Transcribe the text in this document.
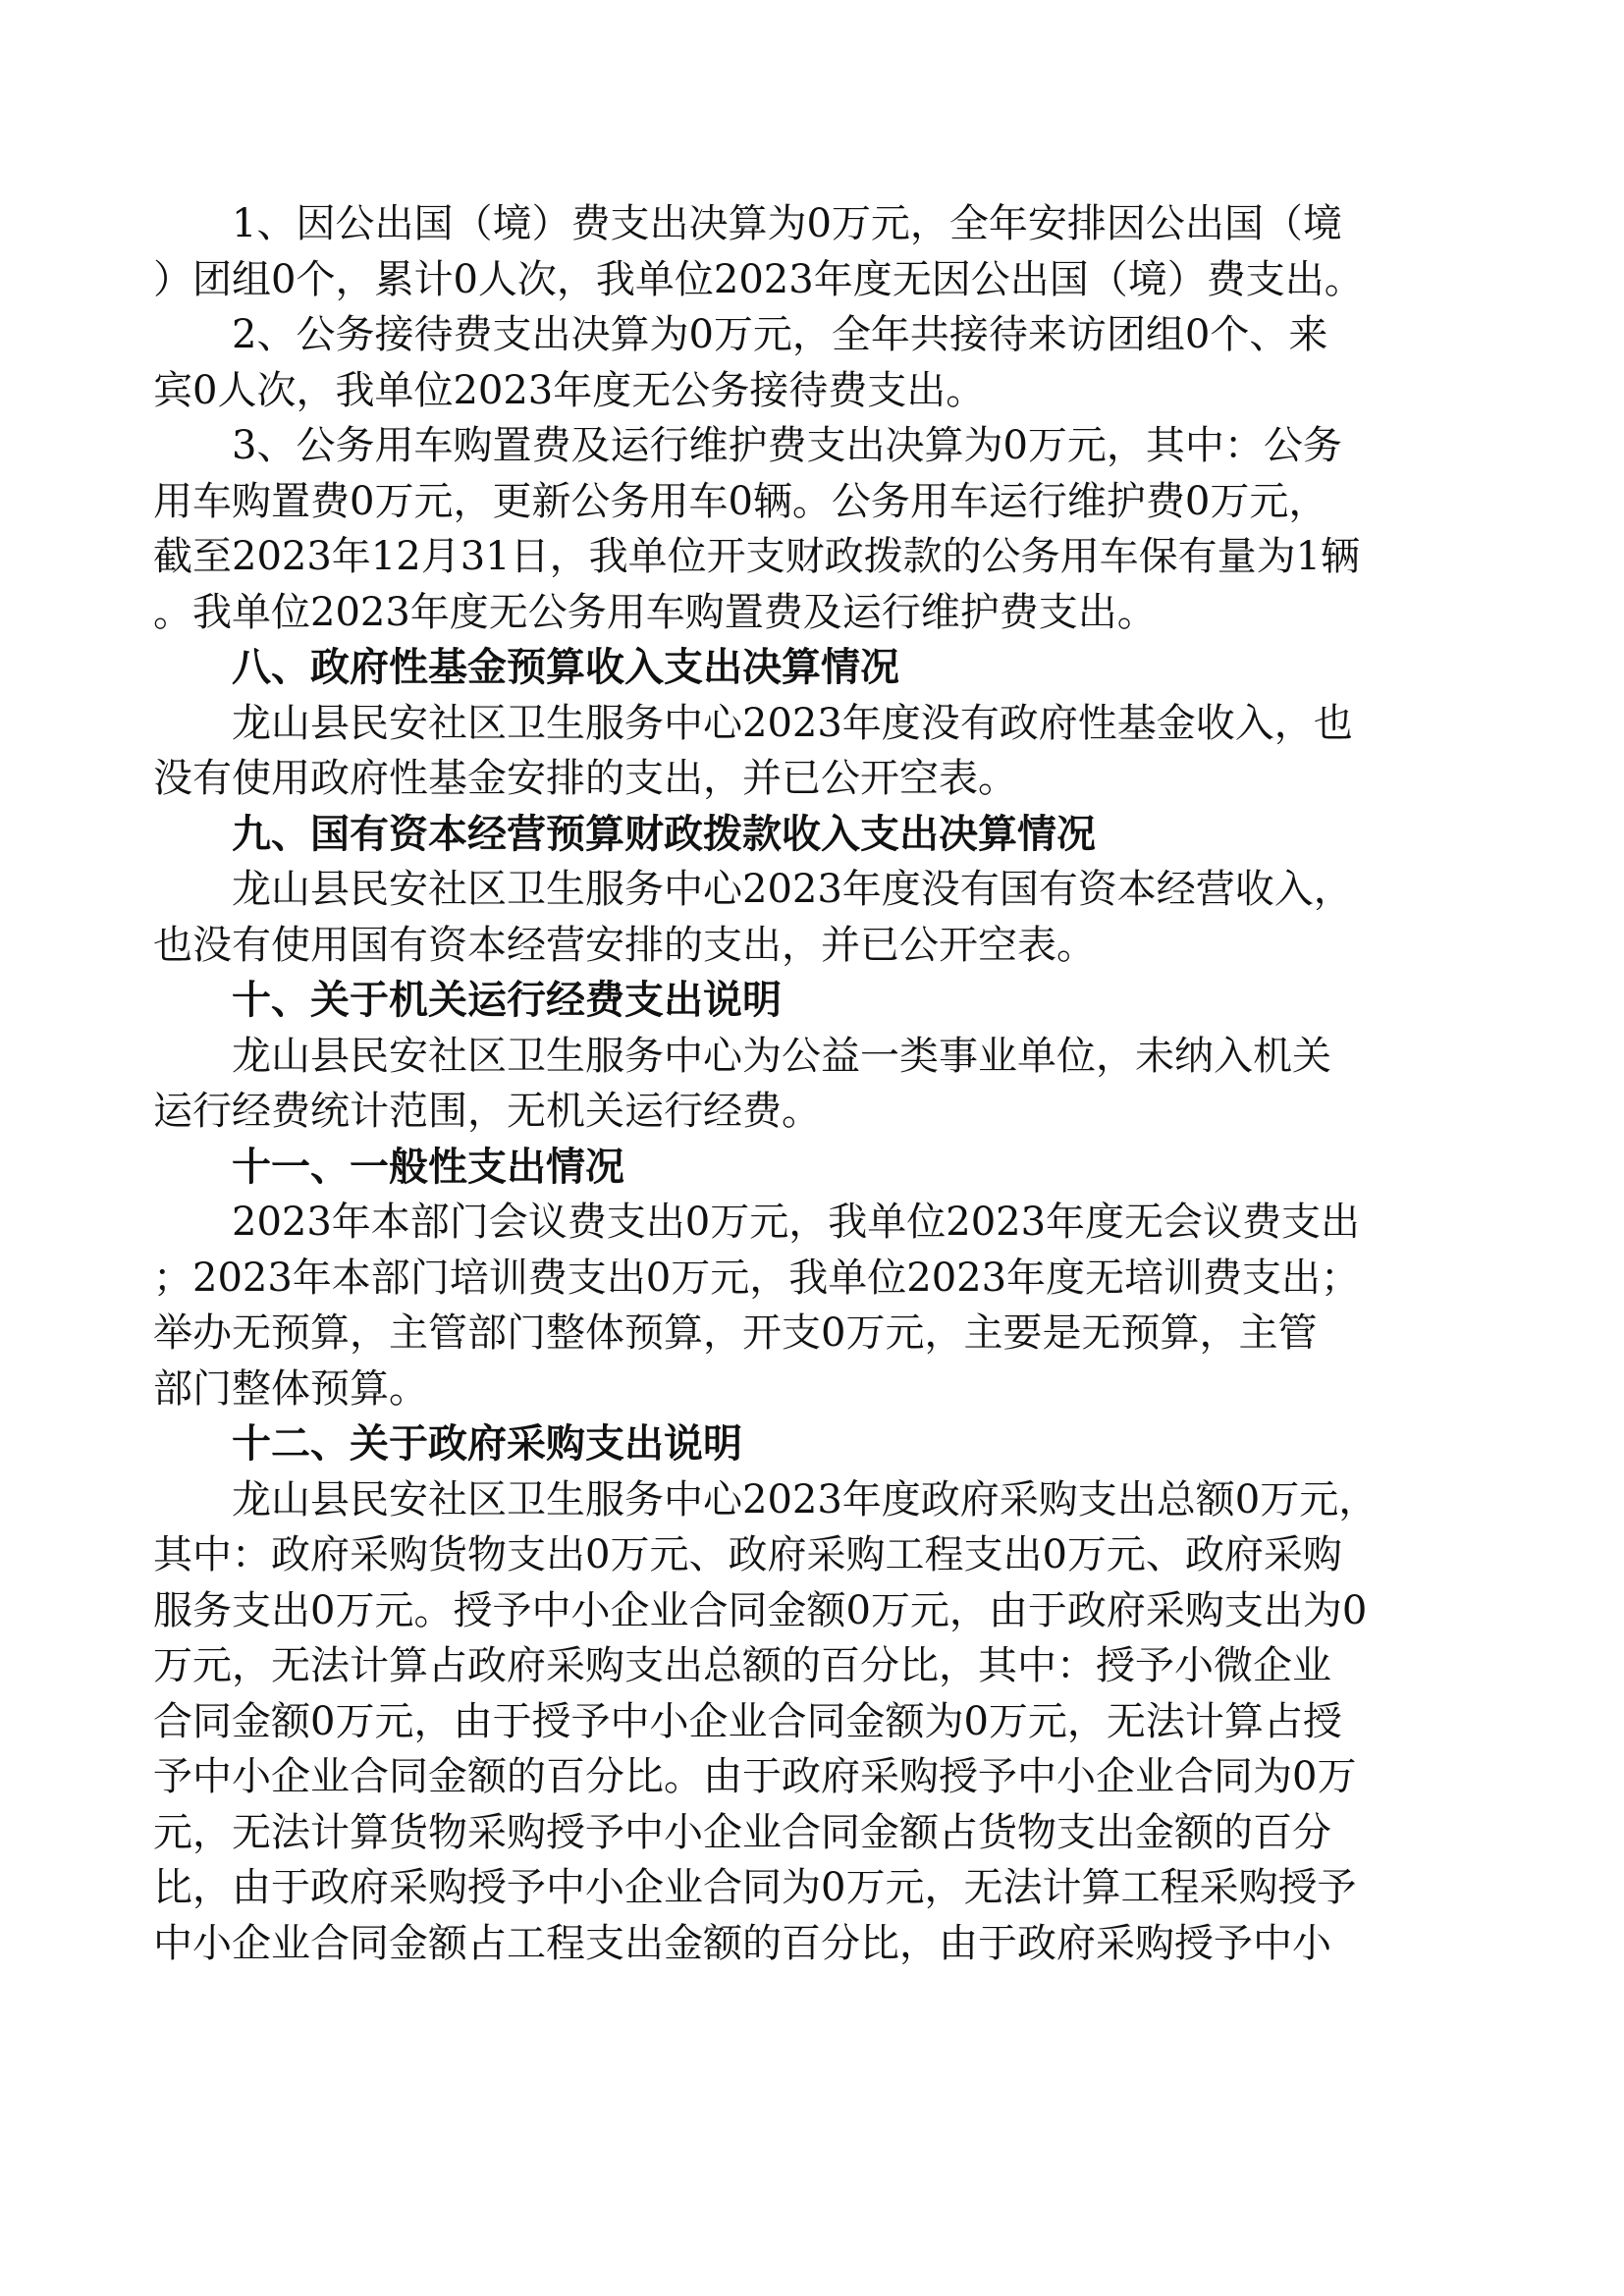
1、因公出国（境）费支出决算为0万元，全年安排因公出国（境
）团组0个，累计0人次，我单位2023年度无因公出国（境）费支出。

2、公务接待费支出决算为0万元，全年共接待来访团组0个、来
宾0人次，我单位2023年度无公务接待费支出。

3、公务用车购置费及运行维护费支出决算为0万元，其中：公务
用车购置费0万元，更新公务用车0辆。公务用车运行维护费0万元，
截至2023年12月31日，我单位开支财政拨款的公务用车保有量为1辆
。我单位2023年度无公务用车购置费及运行维护费支出。

八、政府性基金预算收入支出决算情况

龙山县民安社区卫生服务中心2023年度没有政府性基金收入，也
没有使用政府性基金安排的支出，并已公开空表。

九、国有资本经营预算财政拨款收入支出决算情况

龙山县民安社区卫生服务中心2023年度没有国有资本经营收入，
也没有使用国有资本经营安排的支出，并已公开空表。

十、关于机关运行经费支出说明

龙山县民安社区卫生服务中心为公益一类事业单位，未纳入机关
运行经费统计范围，无机关运行经费。

十一、一般性支出情况

2023年本部门会议费支出0万元，我单位2023年度无会议费支出
；2023年本部门培训费支出0万元，我单位2023年度无培训费支出；
举办无预算，主管部门整体预算，开支0万元，主要是无预算，主管
部门整体预算。

十二、关于政府采购支出说明

龙山县民安社区卫生服务中心2023年度政府采购支出总额0万元，
其中：政府采购货物支出0万元、政府采购工程支出0万元、政府采购
服务支出0万元。授予中小企业合同金额0万元，由于政府采购支出为0
万元，无法计算占政府采购支出总额的百分比，其中：授予小微企业
合同金额0万元，由于授予中小企业合同金额为0万元，无法计算占授
予中小企业合同金额的百分比。由于政府采购授予中小企业合同为0万
元，无法计算货物采购授予中小企业合同金额占货物支出金额的百分
比，由于政府采购授予中小企业合同为0万元，无法计算工程采购授予
中小企业合同金额占工程支出金额的百分比，由于政府采购授予中小
